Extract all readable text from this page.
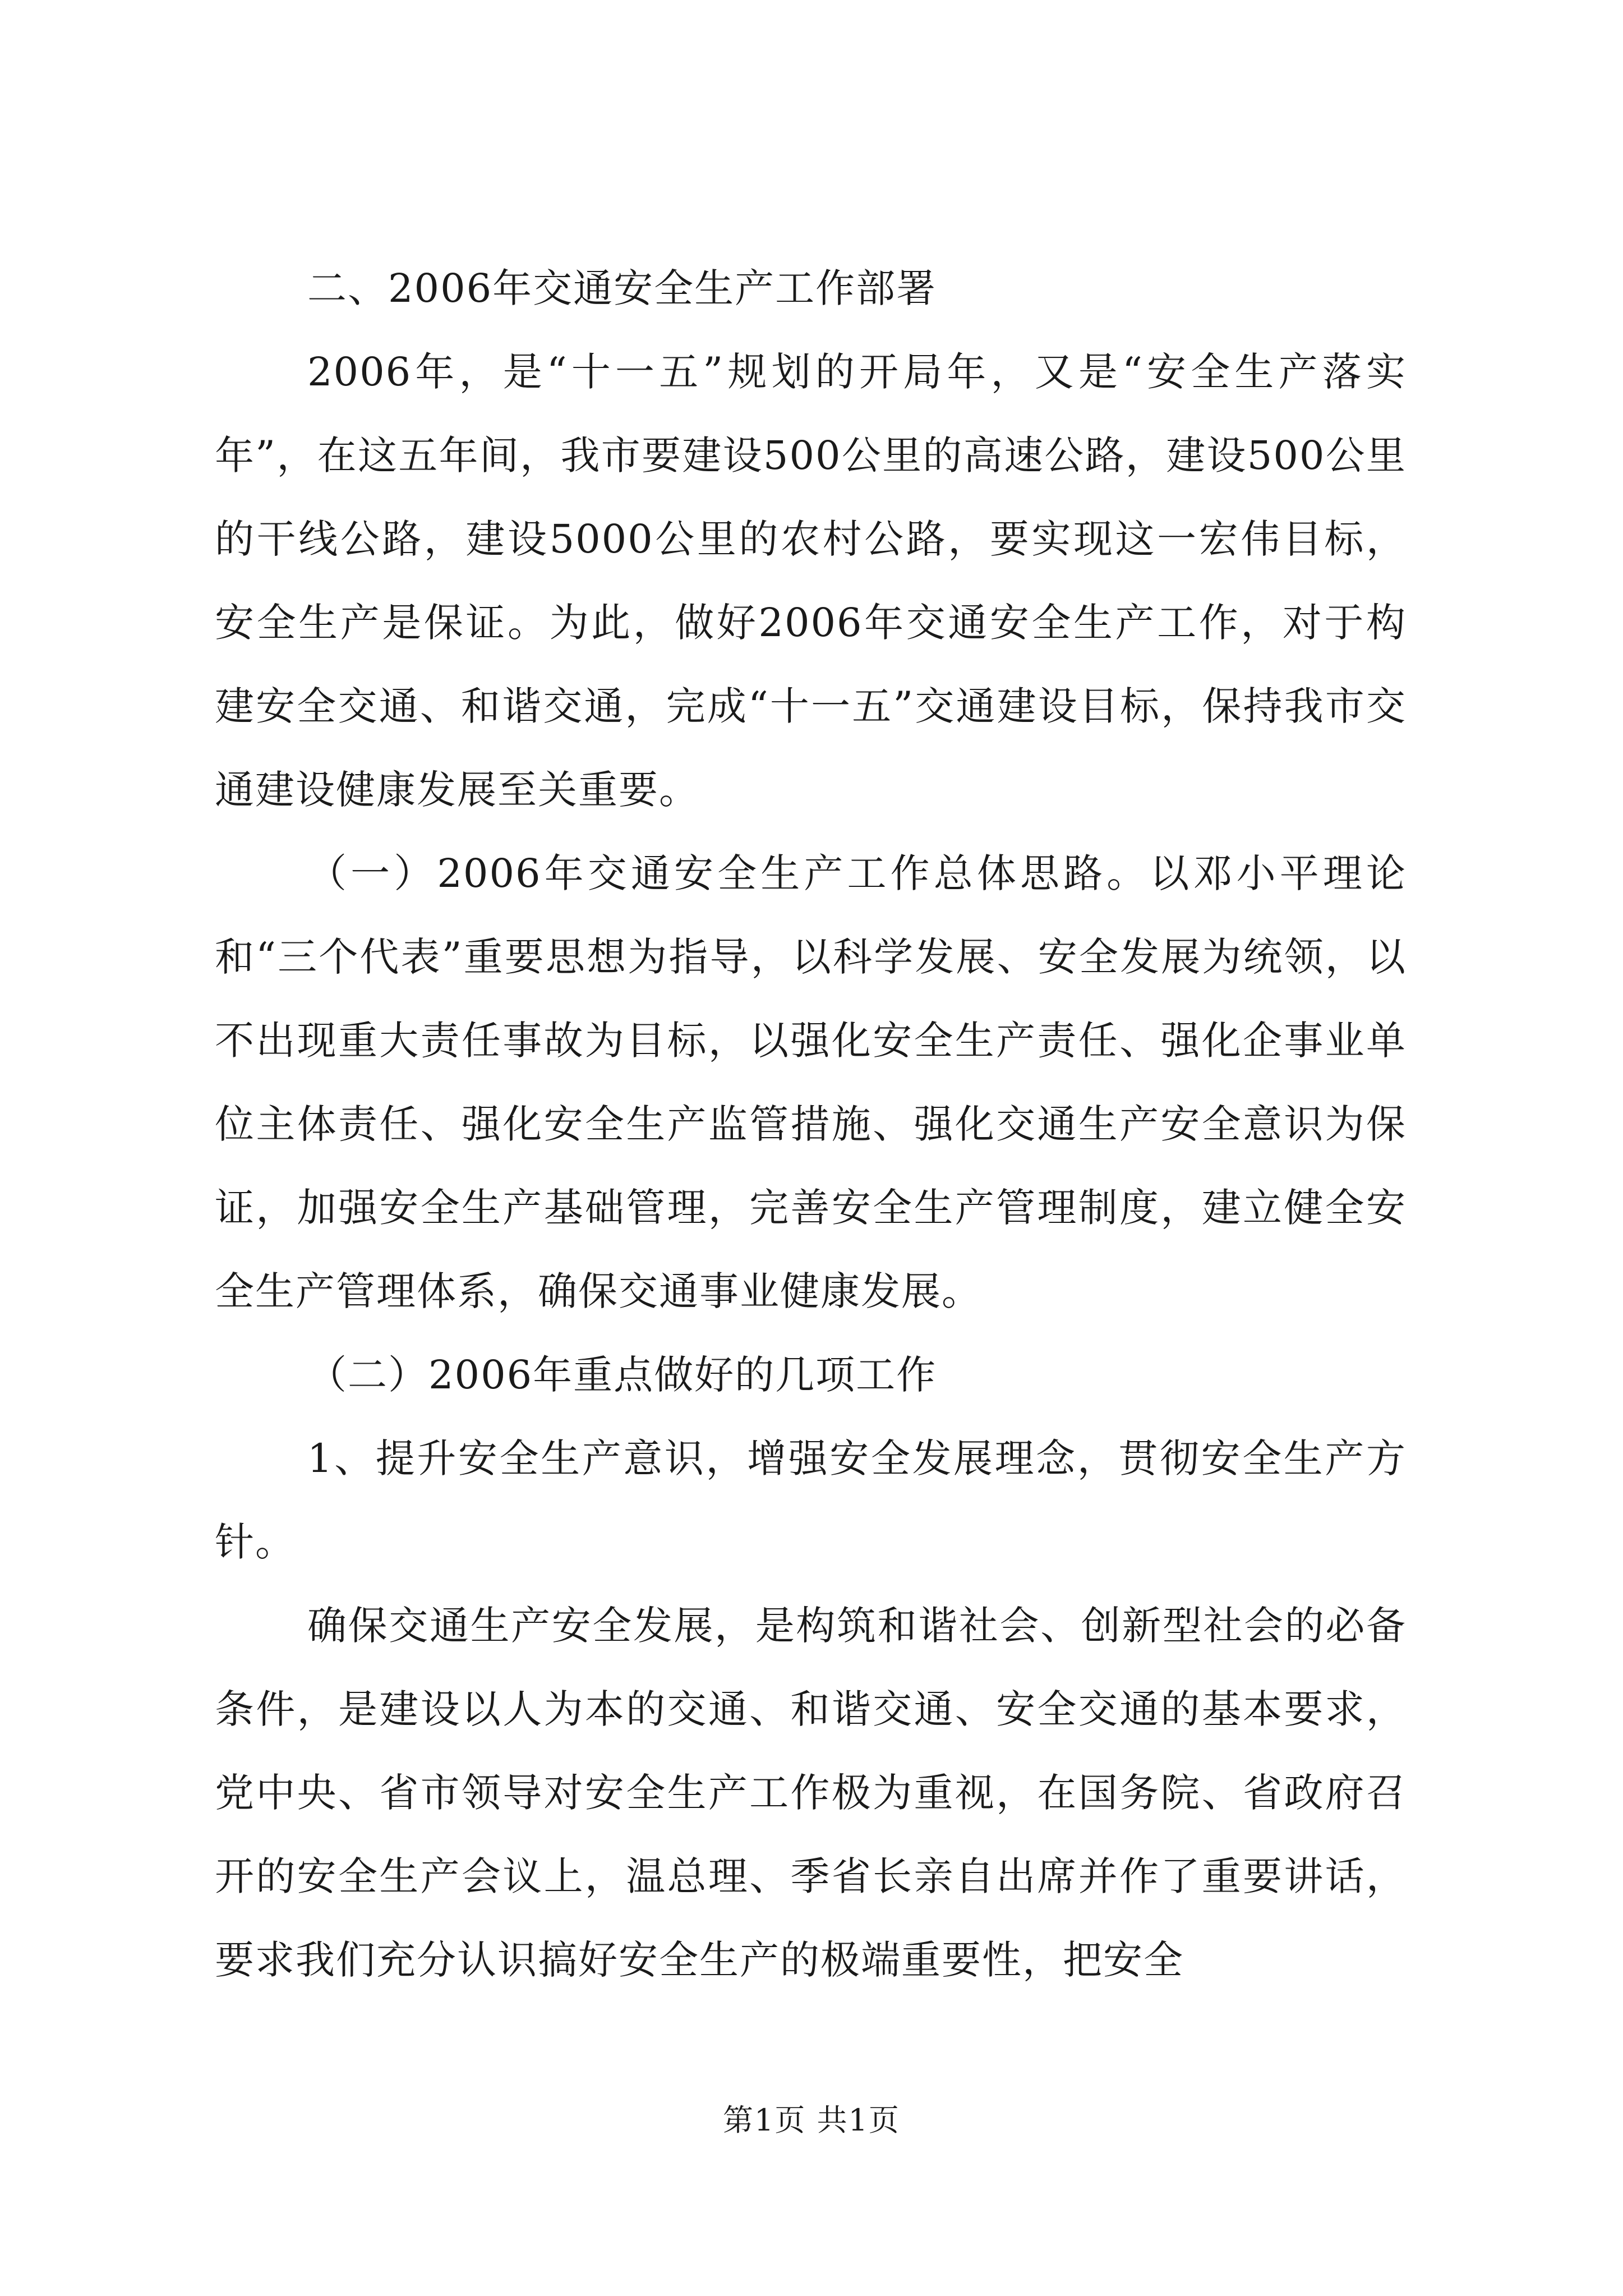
二、2006年交通安全生产工作部署

2006年，是“十一五”规划的开局年，又是“安全生产落实年”，在这五年间，我市要建设500公里的高速公路，建设500公里的干线公路，建设5000公里的农村公路，要实现这一宏伟目标，安全生产是保证。为此，做好2006年交通安全生产工作，对于构建安全交通、和谐交通，完成“十一五”交通建设目标，保持我市交通建设健康发展至关重要。

（一）2006年交通安全生产工作总体思路。以邓小平理论和“三个代表”重要思想为指导，以科学发展、安全发展为统领，以不出现重大责任事故为目标，以强化安全生产责任、强化企事业单位主体责任、强化安全生产监管措施、强化交通生产安全意识为保证，加强安全生产基础管理，完善安全生产管理制度，建立健全安全生产管理体系，确保交通事业健康发展。

（二）2006年重点做好的几项工作

1、提升安全生产意识，增强安全发展理念，贯彻安全生产方针。

确保交通生产安全发展，是构筑和谐社会、创新型社会的必备条件，是建设以人为本的交通、和谐交通、安全交通的基本要求，党中央、省市领导对安全生产工作极为重视，在国务院、省政府召开的安全生产会议上，温总理、季省长亲自出席并作了重要讲话，要求我们充分认识搞好安全生产的极端重要性，把安全

第1页 共1页
